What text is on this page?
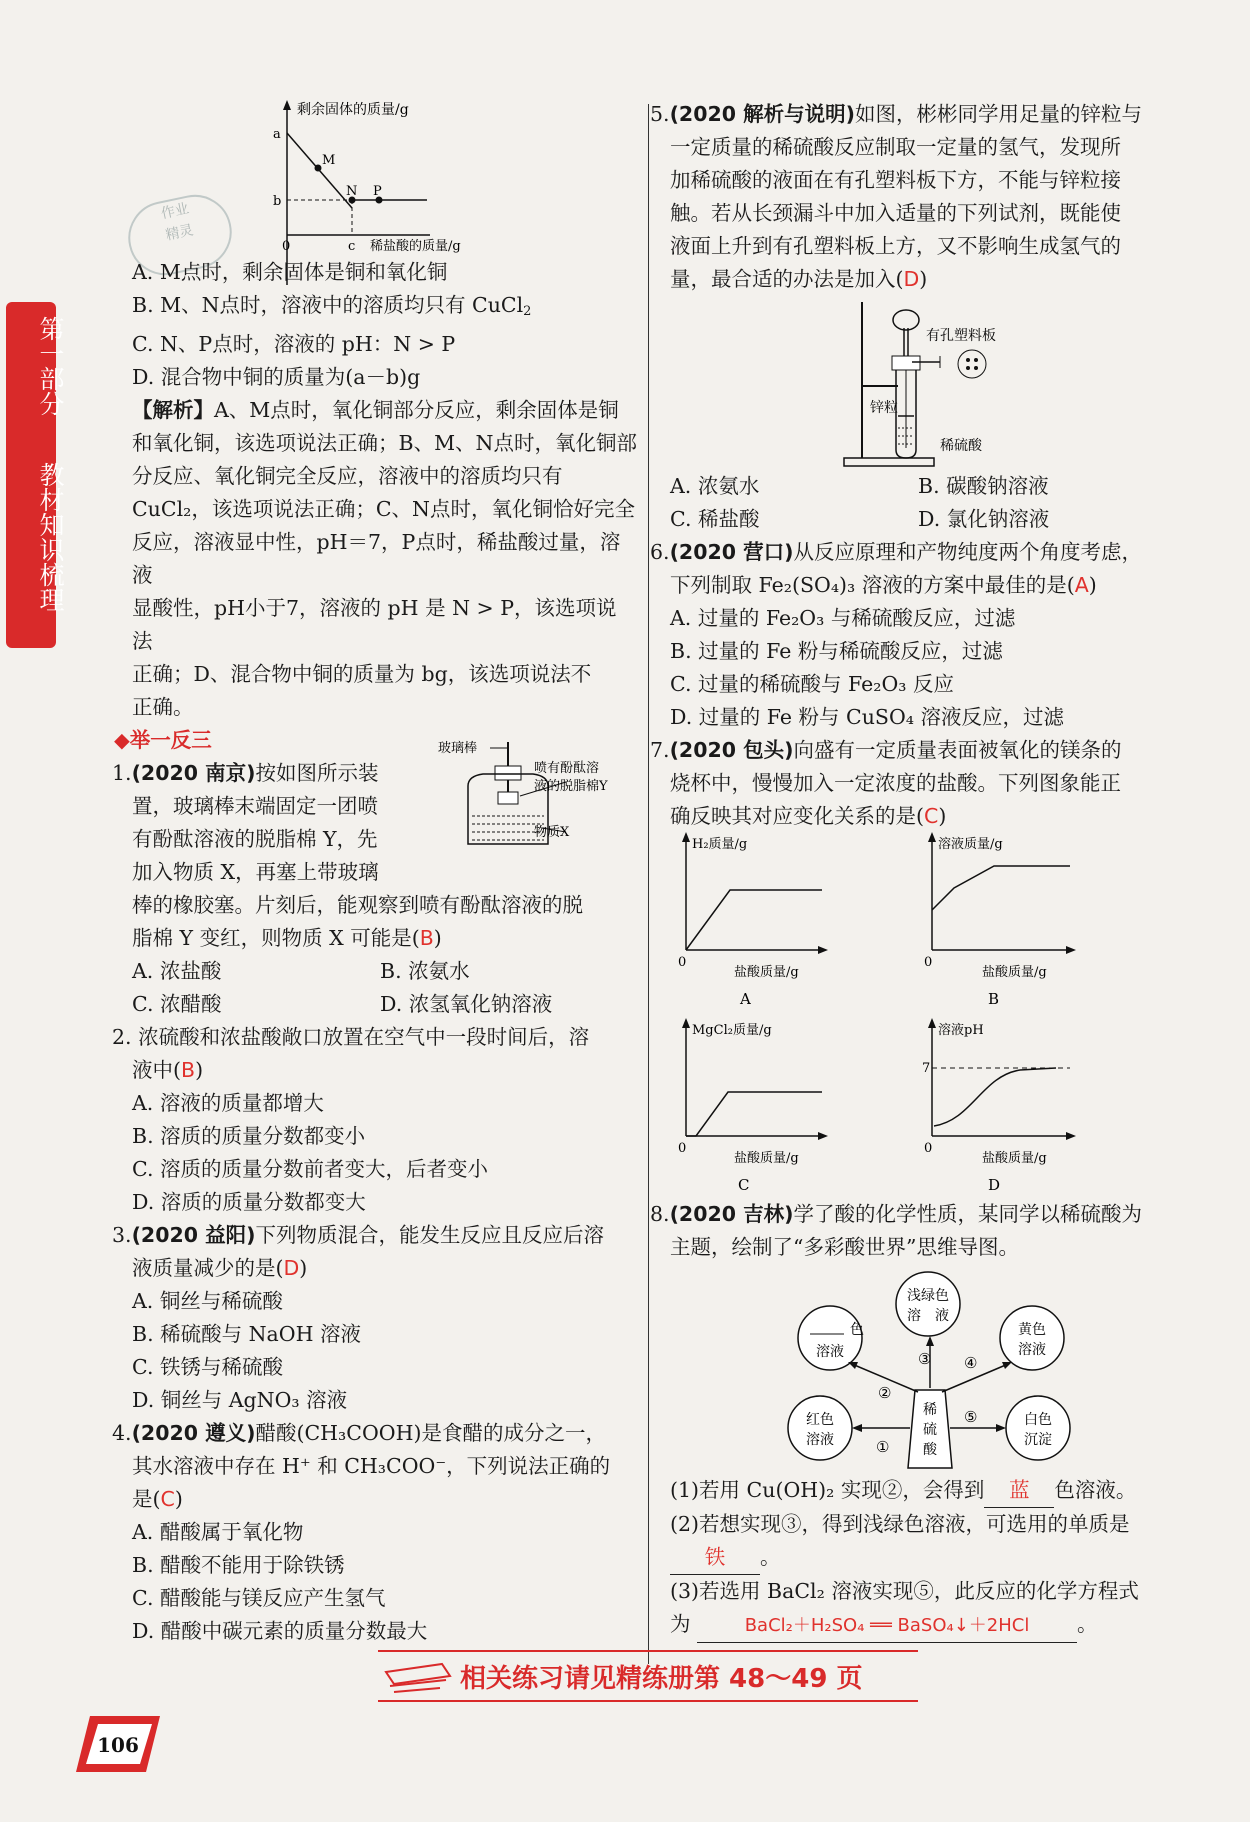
第一部分
教材知识梳理
剩余固体的质量/g
a
b
0	c
M
N P
稀盐酸的质量/g
作业
精灵

A. M点时，剩余固体是铜和氧化铜

B. M、N点时，溶液中的溶质均只有 CuCl$_2$

C. N、P点时，溶液的 pH：N > P

D. 混合物中铜的质量为(a－b)g

【解析】A、M点时，氧化铜部分反应，剩余固体是铜

和氧化铜，该选项说法正确；B、M、N点时，氧化铜部

分反应、氧化铜完全反应，溶液中的溶质均只有

CuCl₂，该选项说法正确；C、N点时，氧化铜恰好完全

反应，溶液显中性，pH＝7，P点时，稀盐酸过量，溶液

显酸性，pH小于7，溶液的 pH 是 N > P，该选项说法

正确；D、混合物中铜的质量为 bg，该选项说法不

正确。

◆举一反三

1.(2020 南京)按如图所示装

置，玻璃棒末端固定一团喷

有酚酞溶液的脱脂棉 Y，先

加入物质 X，再塞上带玻璃

棒的橡胶塞。片刻后，能观察到喷有酚酞溶液的脱

脂棉 Y 变红，则物质 X 可能是(B)

A. 浓盐酸	B. 浓氨水

C. 浓醋酸	D. 浓氢氧化钠溶液

2. 浓硫酸和浓盐酸敞口放置在空气中一段时间后，溶

液中(B)

A. 溶液的质量都增大

B. 溶质的质量分数都变小

C. 溶质的质量分数前者变大，后者变小

D. 溶质的质量分数都变大

3.(2020 益阳)下列物质混合，能发生反应且反应后溶

液质量减少的是(D)

A. 铜丝与稀硫酸

B. 稀硫酸与 NaOH 溶液

C. 铁锈与稀硫酸

D. 铜丝与 AgNO₃ 溶液

4.(2020 遵义)醋酸(CH₃COOH)是食醋的成分之一，

其水溶液中存在 H⁺ 和 CH₃COO⁻，下列说法正确的

是(C)

A. 醋酸属于氧化物

B. 醋酸不能用于除铁锈

C. 醋酸能与镁反应产生氢气

D. 醋酸中碳元素的质量分数最大

玻璃棒
喷有酚酞溶
液的脱脂棉Y
物质X

5.(2020 解析与说明)如图，彬彬同学用足量的锌粒与

一定质量的稀硫酸反应制取一定量的氢气，发现所

加稀硫酸的液面在有孔塑料板下方，不能与锌粒接

触。若从长颈漏斗中加入适量的下列试剂，既能使

液面上升到有孔塑料板上方，又不影响生成氢气的

量，最合适的办法是加入(D)

有孔塑料板
锌粒
稀硫酸

A. 浓氨水	B. 碳酸钠溶液

C. 稀盐酸	D. 氯化钠溶液

6.(2020 营口)从反应原理和产物纯度两个角度考虑，

下列制取 Fe₂(SO₄)₃ 溶液的方案中最佳的是(A)

A. 过量的 Fe₂O₃ 与稀硫酸反应，过滤

B. 过量的 Fe 粉与稀硫酸反应，过滤

C. 过量的稀硫酸与 Fe₂O₃ 反应

D. 过量的 Fe 粉与 CuSO₄ 溶液反应，过滤

7.(2020 包头)向盛有一定质量表面被氧化的镁条的

烧杯中，慢慢加入一定浓度的盐酸。下列图象能正

确反映其对应变化关系的是(C)

H₂质量/g
0
盐酸质量/g
A
溶液质量/g
0
盐酸质量/g
B
MgCl₂质量/g
0
盐酸质量/g
C
溶液pH
7
0
盐酸质量/g
D

8.(2020 吉林)学了酸的化学性质，某同学以稀硫酸为

主题，绘制了“多彩酸世界”思维导图。

稀
硫
酸
浅绿色
溶　液
色
溶液
黄色
溶液
红色
溶液
白色
沉淀
③
②
④
①
⑤

(1)若用 Cu(OH)₂ 实现②，会得到 蓝 色溶液。

(2)若想实现③，得到浅绿色溶液，可选用的单质是

铁 。

(3)若选用 BaCl₂ 溶液实现⑤，此反应的化学方程式

为	BaCl₂＋H₂SO₄ ══ BaSO₄↓＋2HCl 。

相关练习请见精练册第 48～49 页
106
